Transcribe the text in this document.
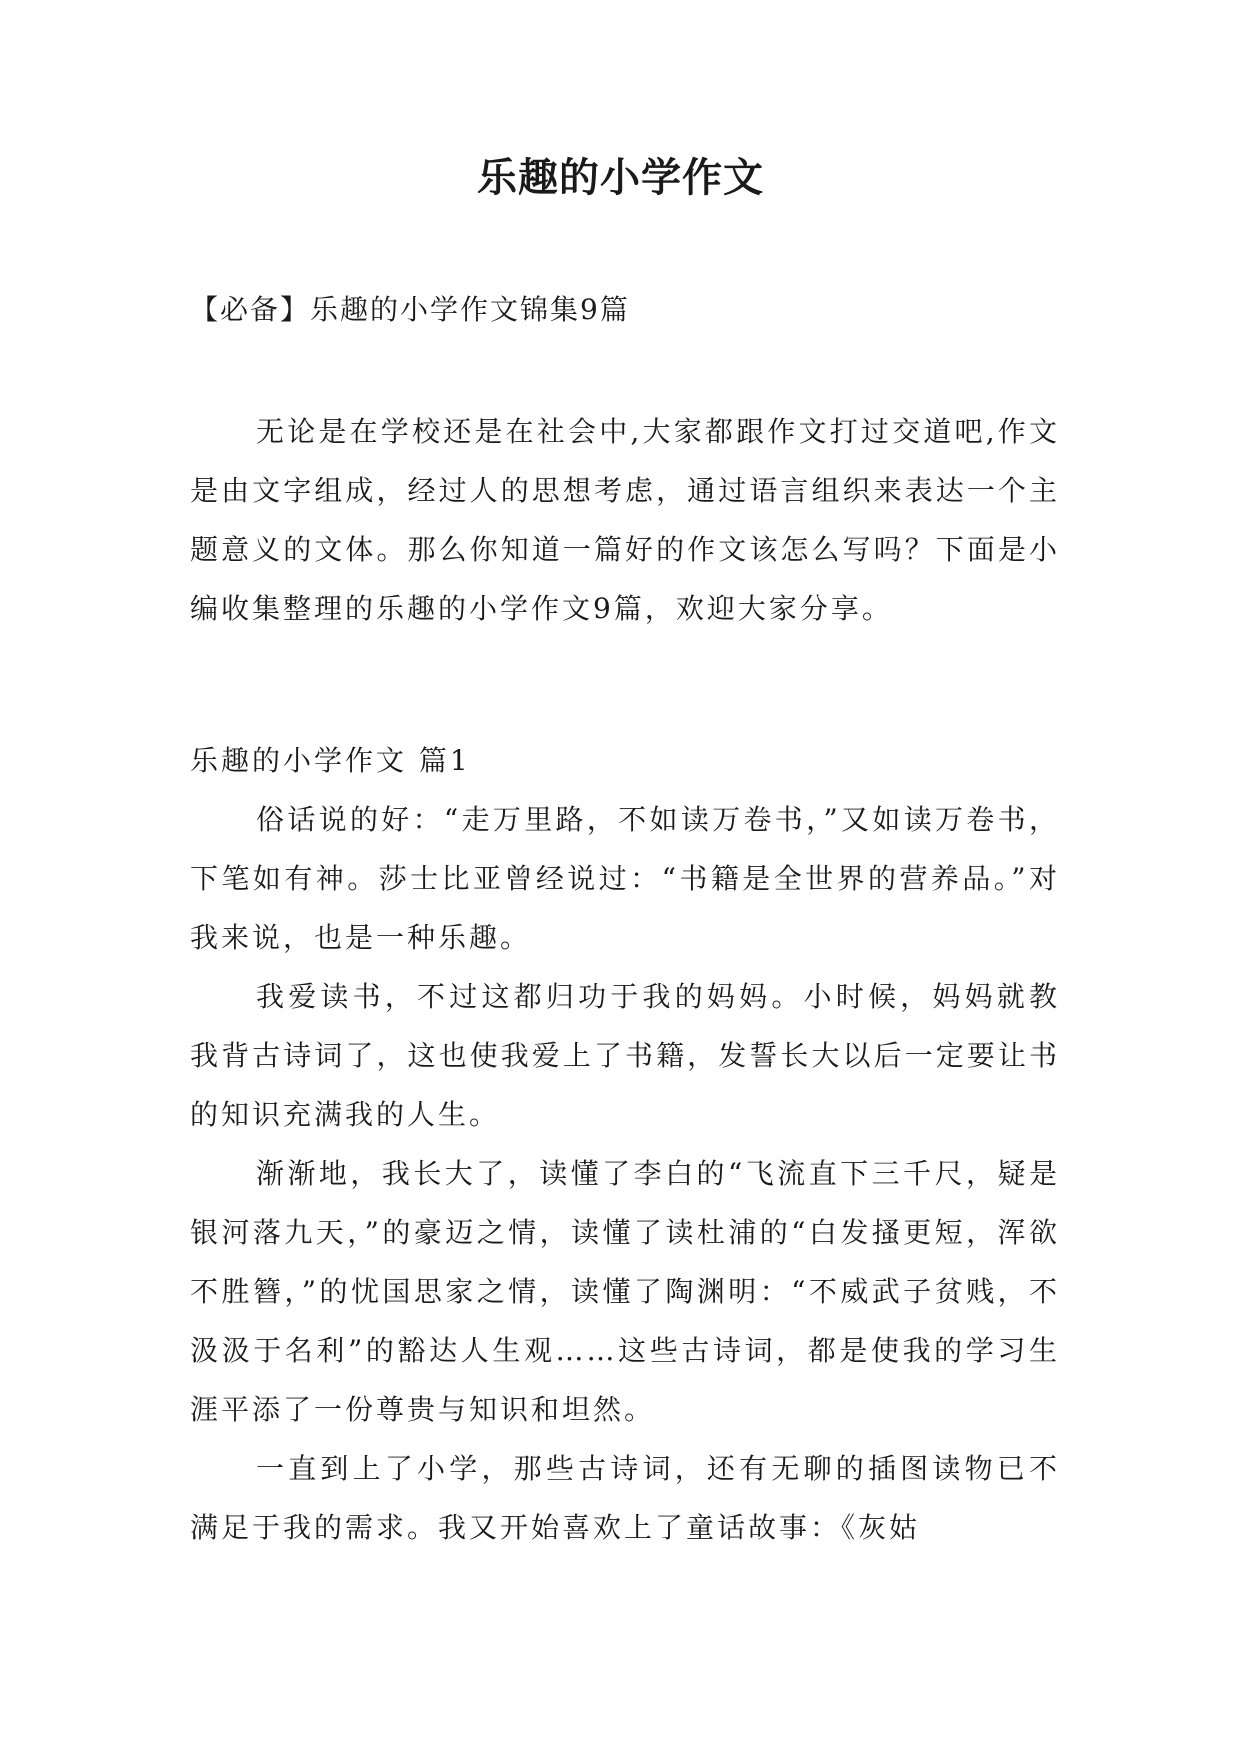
乐趣的小学作文

【必备】乐趣的小学作文锦集9篇

无论是在学校还是在社会中,大家都跟作文打过交道吧,作文是由文字组成，经过人的思想考虑，通过语言组织来表达一个主题意义的文体。那么你知道一篇好的作文该怎么写吗？下面是小编收集整理的乐趣的小学作文9篇，欢迎大家分享。

乐趣的小学作文 篇1

俗话说的好：“走万里路，不如读万卷书，”又如读万卷书，下笔如有神。莎士比亚曾经说过：“书籍是全世界的营养品。”对我来说，也是一种乐趣。

我爱读书，不过这都归功于我的妈妈。小时候，妈妈就教我背古诗词了，这也使我爱上了书籍，发誓长大以后一定要让书的知识充满我的人生。

渐渐地，我长大了，读懂了李白的“飞流直下三千尺，疑是银河落九天，”的豪迈之情，读懂了读杜浦的“白发搔更短，浑欲不胜簪，”的忧国思家之情，读懂了陶渊明：“不威武子贫贱，不汲汲于名利”的豁达人生观……这些古诗词，都是使我的学习生涯平添了一份尊贵与知识和坦然。

一直到上了小学，那些古诗词，还有无聊的插图读物已不满足于我的需求。我又开始喜欢上了童话故事：《灰姑
